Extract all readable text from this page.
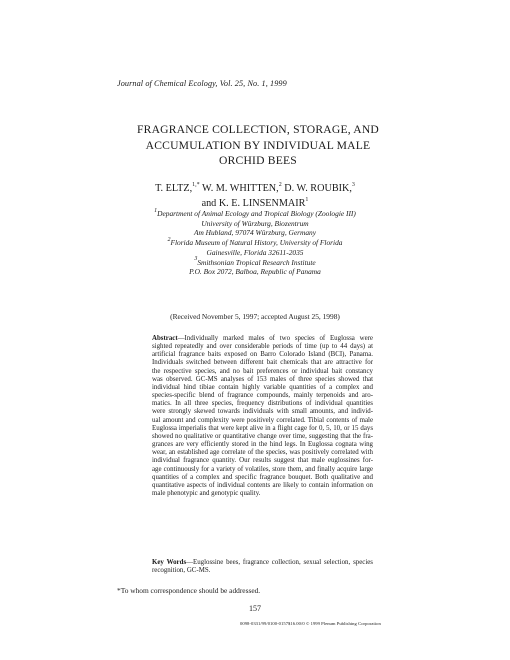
Journal of Chemical Ecology, Vol. 25, No. 1, 1999
FRAGRANCE COLLECTION, STORAGE, AND
ACCUMULATION BY INDIVIDUAL MALE
ORCHID BEES
T. ELTZ,$^{1,*}$ W. M. WHITTEN,$^2$ D. W. ROUBIK,$^3$
and K. E. LINSENMAIR$^1$
$^1$Department of Animal Ecology and Tropical Biology (Zoologie III)
University of Würzburg, Biozentrum
Am Hubland, 97074 Würzburg, Germany
$^2$Florida Museum of Natural History, University of Florida
Gainesville, Florida 32611-2035
$^3$Smithsonian Tropical Research Institute
P.O. Box 2072, Balboa, Republic of Panama
(Received November 5, 1997; accepted August 25, 1998)
Abstract—Individually marked males of two species of Euglossa were
sighted repeatedly and over considerable periods of time (up to 44 days) at
artificial fragrance baits exposed on Barro Colorado Island (BCI), Panama.
Individuals switched between different bait chemicals that are attractive for
the respective species, and no bait preferences or individual bait constancy
was observed. GC-MS analyses of 153 males of three species showed that
individual hind tibiae contain highly variable quantities of a complex and
species-specific blend of fragrance compounds, mainly terpenoids and aro-
matics. In all three species, frequency distributions of individual quantities
were strongly skewed towards individuals with small amounts, and individ-
ual amount and complexity were positively correlated. Tibial contents of male
Euglossa imperialis that were kept alive in a flight cage for 0, 5, 10, or 15 days
showed no qualitative or quantitative change over time, suggesting that the fra-
grances are very efficiently stored in the hind legs. In Euglossa cognata wing
wear, an established age correlate of the species, was positively correlated with
individual fragrance quantity. Our results suggest that male euglossines for-
age continuously for a variety of volatiles, store them, and finally acquire large
quantities of a complex and specific fragrance bouquet. Both qualitative and
quantitative aspects of individual contents are likely to contain information on
male phenotypic and genotypic quality.
Key Words—Euglossine bees, fragrance collection, sexual selection, species
recognition, GC-MS.
*To whom correspondence should be addressed.
157
0098-0331/99/0100-0157$16.00/0 © 1999 Plenum Publishing Corporation
